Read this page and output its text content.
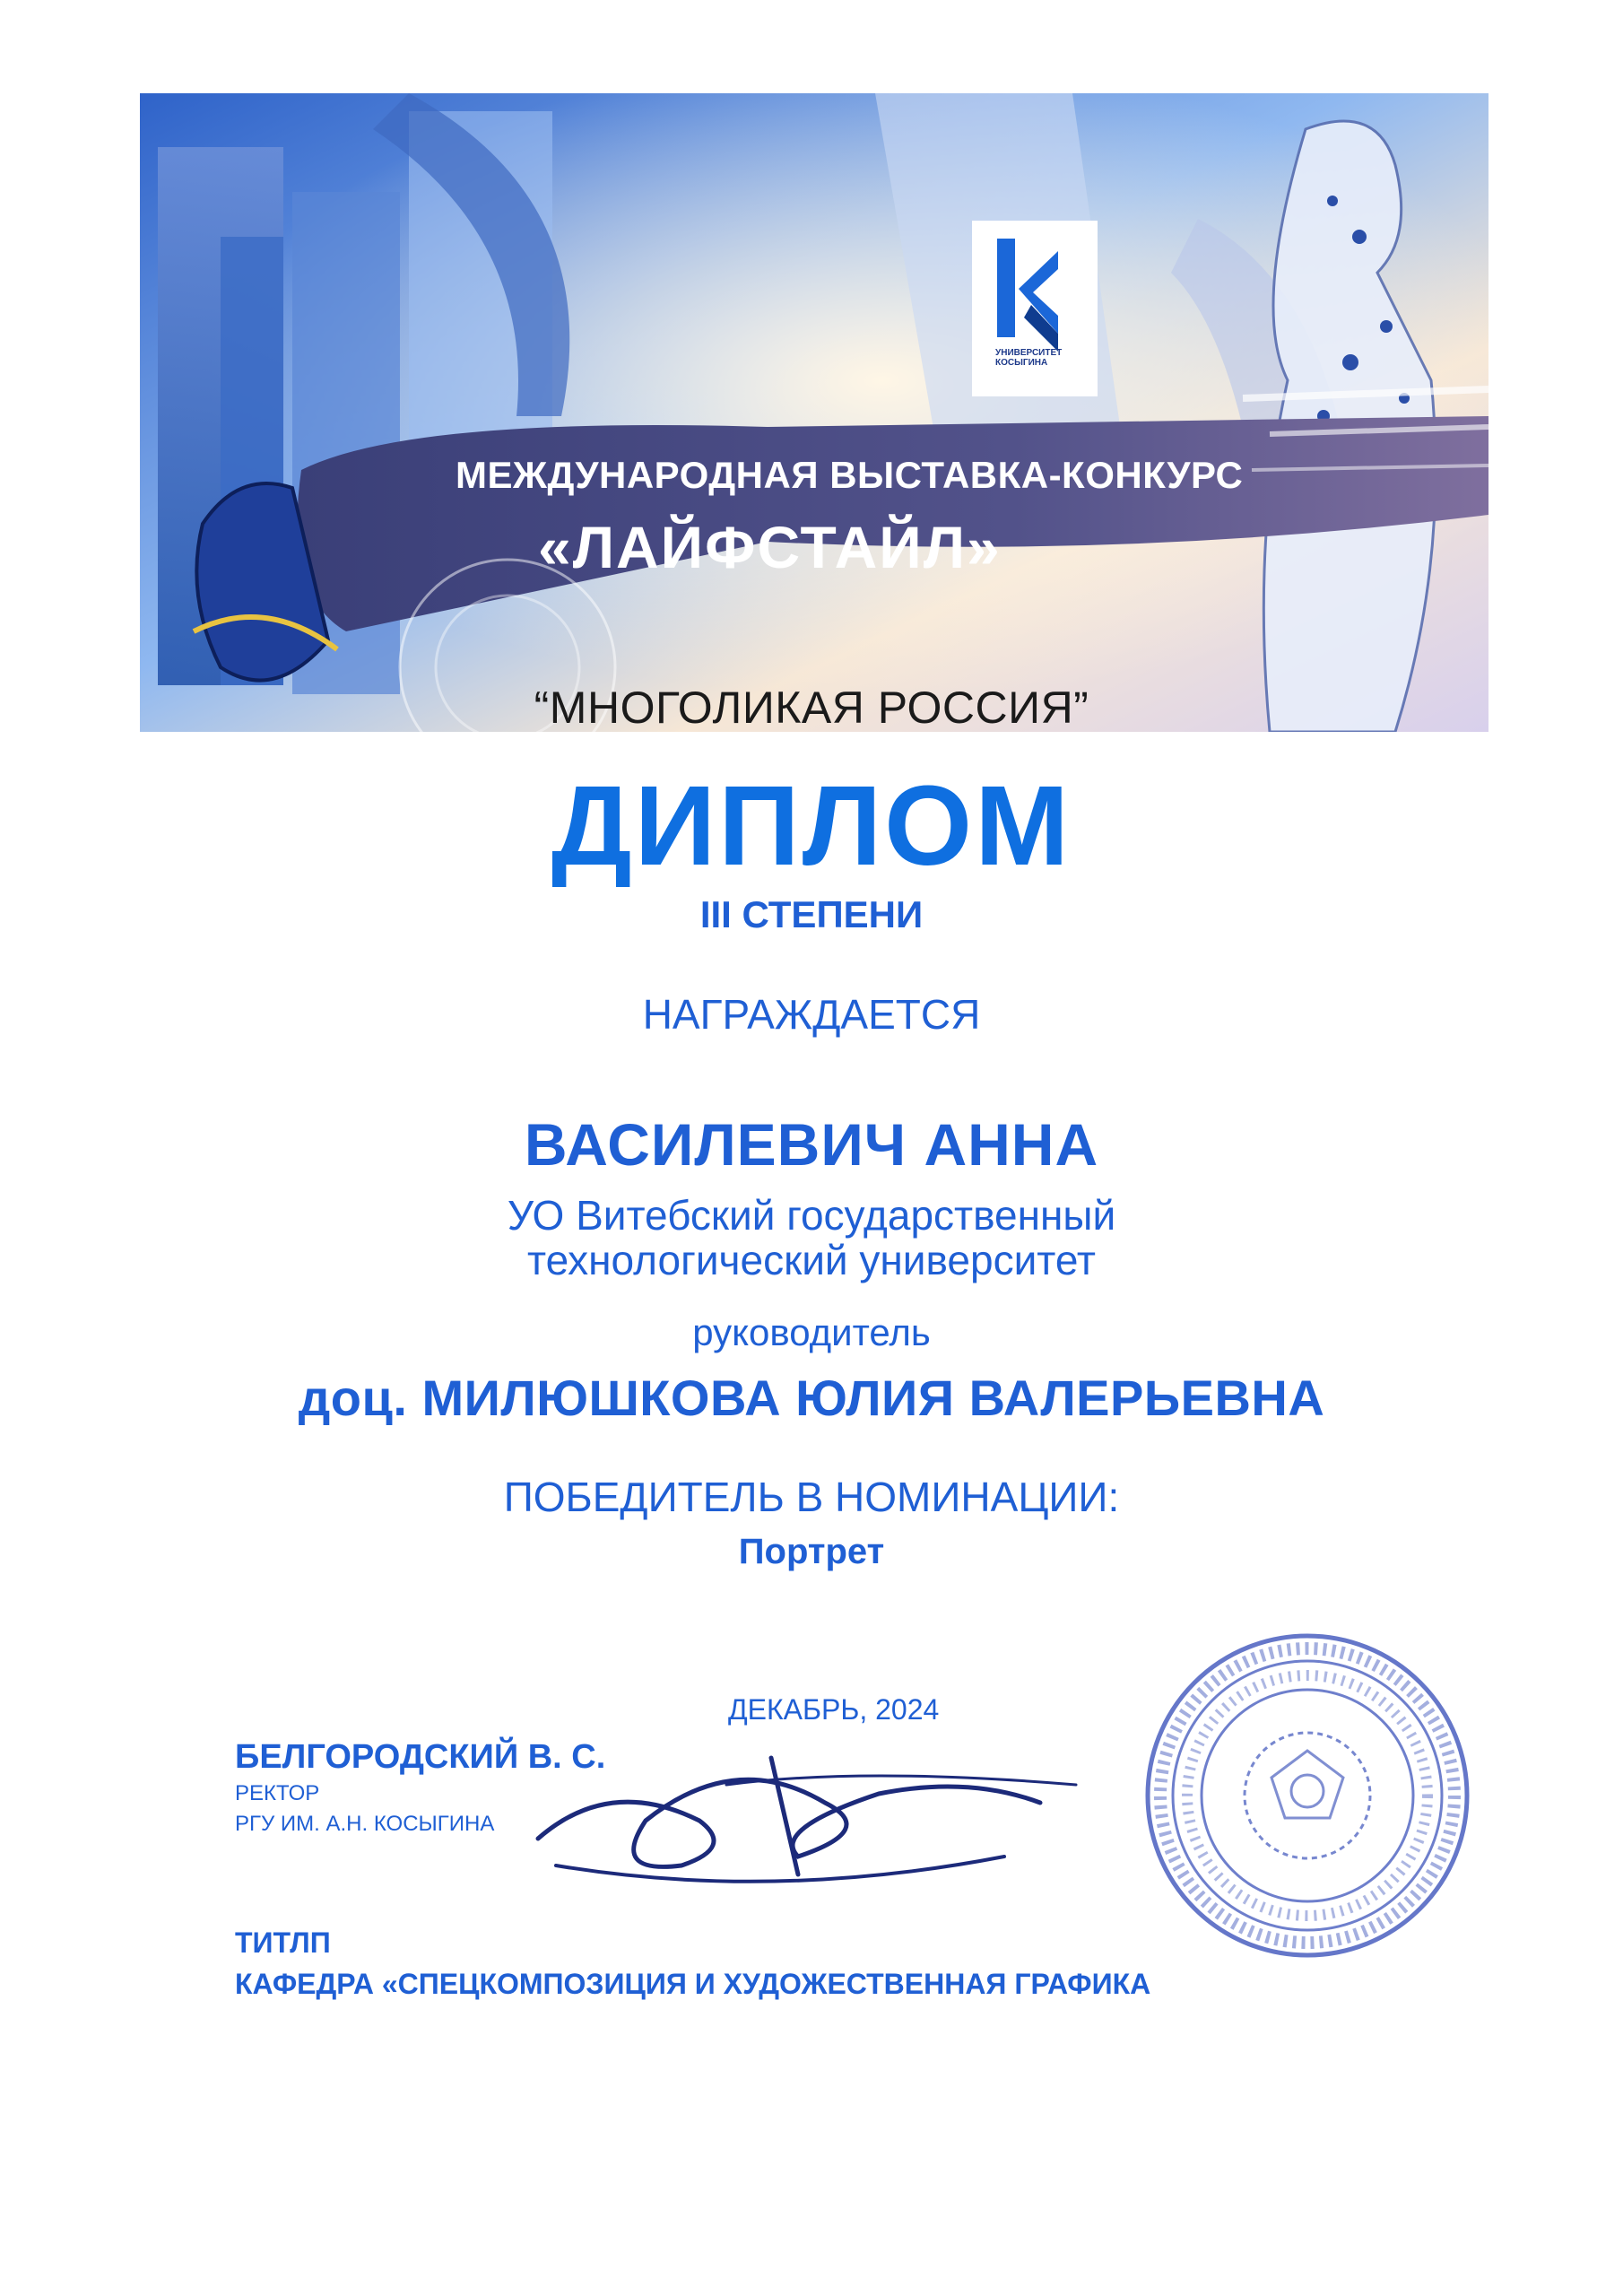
УНИВЕРСИТЕТ КОСЫГИНА
МЕЖДУНАРОДНАЯ ВЫСТАВКА-КОНКУРС
«ЛАЙФСТАЙЛ»
“МНОГОЛИКАЯ РОССИЯ”
ДИПЛОМ
III СТЕПЕНИ
НАГРАЖДАЕТСЯ
ВАСИЛЕВИЧ АННА
УО Витебский государственный
технологический университет
руководитель
доц. МИЛЮШКОВА ЮЛИЯ ВАЛЕРЬЕВНА
ПОБЕДИТЕЛЬ В НОМИНАЦИИ:
Портрет
ДЕКАБРЬ, 2024
БЕЛГОРОДСКИЙ В. С.
РЕКТОР
РГУ ИМ. А.Н. КОСЫГИНА
ТИТЛП
КАФЕДРА «СПЕЦКОМПОЗИЦИЯ И ХУДОЖЕСТВЕННАЯ ГРАФИКА
